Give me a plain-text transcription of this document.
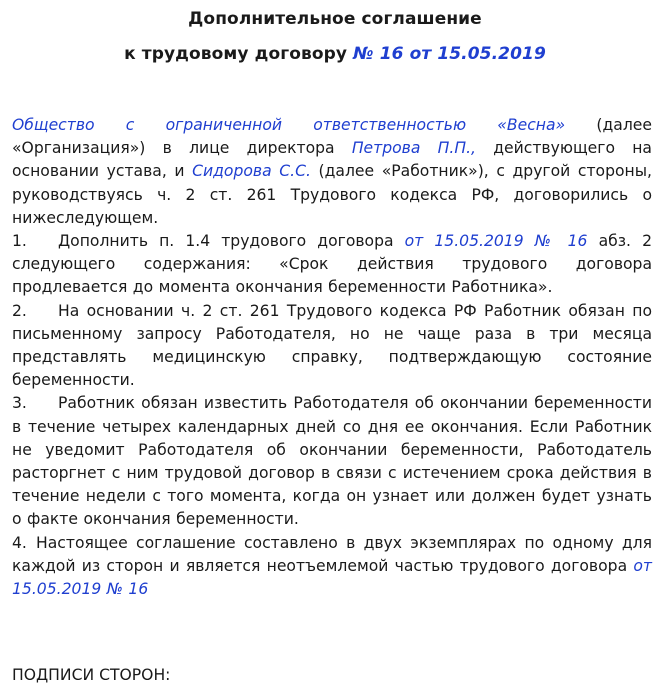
Дополнительное соглашение
к трудовому договору № 16 от 15.05.2019

Общество с ограниченной ответственностью «Весна» (далее «Организация») в лице директора Петрова П.П., действующего на основании устава, и Сидорова С.С. (далее «Работник»), с другой стороны, руководствуясь ч. 2 ст. 261 Трудового кодекса РФ, договорились о нижеследующем.

1. Дополнить п. 1.4 трудового договора от 15.05.2019 № 16 абз. 2 следующего содержания: «Срок действия трудового договора продлевается до момента окончания беременности Работника».

2. На основании ч. 2 ст. 261 Трудового кодекса РФ Работник обязан по письменному запросу Работодателя, но не чаще раза в три месяца представлять медицинскую справку, подтверждающую состояние беременности.

3. Работник обязан известить Работодателя об окончании беременности в течение четырех календарных дней со дня ее окончания. Если Работник не уведомит Работодателя об окончании беременности, Работодатель расторгнет с ним трудовой договор в связи с истечением срока действия в течение недели с того момента, когда он узнает или должен будет узнать о факте окончания беременности.

4. Настоящее соглашение составлено в двух экземплярах по одному для каждой из сторон и является неотъемлемой частью трудового договора от 15.05.2019 № 16

ПОДПИСИ СТОРОН:
